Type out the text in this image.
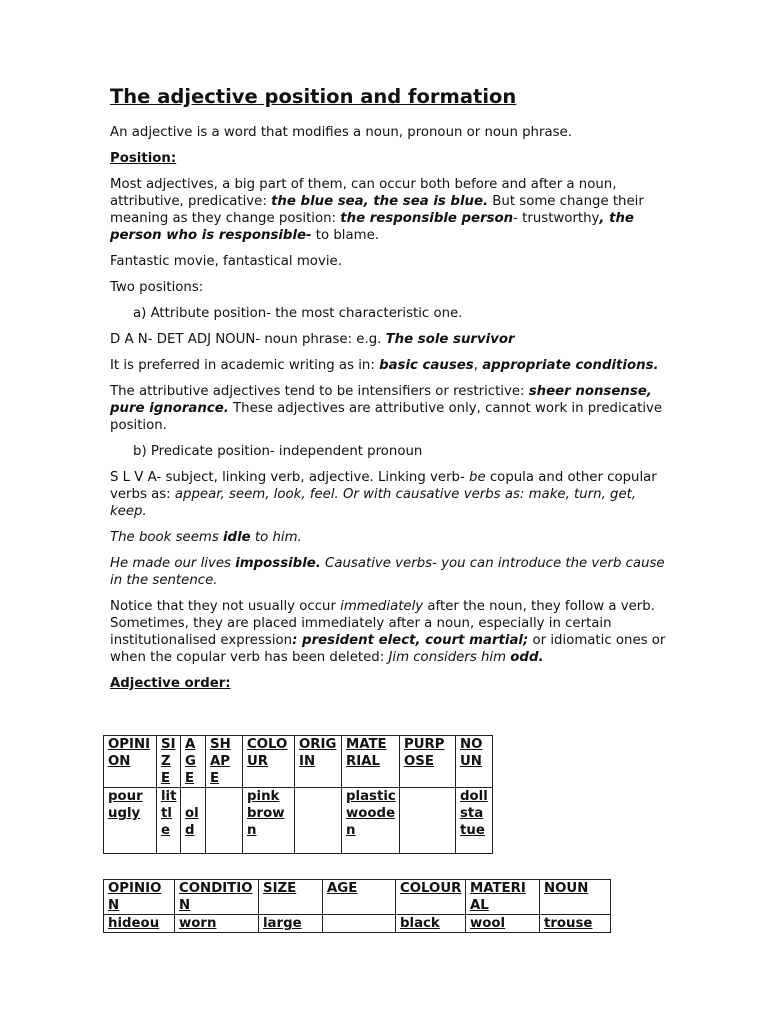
The adjective position and formation

An adjective is a word that modifies a noun, pronoun or noun phrase.

Position:

Most adjectives, a big part of them, can occur both before and after a noun, attributive, predicative: the blue sea, the sea is blue. But some change their meaning as they change position: the responsible person- trustworthy, the person who is responsible- to blame.

Fantastic movie, fantastical movie.

Two positions:

a) Attribute position- the most characteristic one.

D A N- DET ADJ NOUN- noun phrase: e.g. The sole survivor

It is preferred in academic writing as in: basic causes, appropriate conditions.

The attributive adjectives tend to be intensifiers or restrictive: sheer nonsense, pure ignorance. These adjectives are attributive only, cannot work in predicative position.

b) Predicate position- independent pronoun

S L V A- subject, linking verb, adjective. Linking verb- be copula and other copular verbs as: appear, seem, look, feel. Or with causative verbs as: make, turn, get, keep.

The book seems idle to him.

He made our lives impossible. Causative verbs- you can introduce the verb cause in the sentence.

Notice that they not usually occur immediately after the noun, they follow a verb. Sometimes, they are placed immediately after a noun, especially in certain institutionalised expression: president elect, court martial; or idiomatic ones or when the copular verb has been deleted: Jim considers him odd.

Adjective order:

OPINION	SIZE	AGE	SHAPE	COLOUR	ORIGIN	MATERIAL	PURPOSE	NOUN
pour ugly	little	old		pink brown		plastic wooden		doll statue
OPINION	CONDITION	SIZE	AGE	COLOUR	MATERIAL	NOUN
hideou	worn	large		black	wool	trouse
